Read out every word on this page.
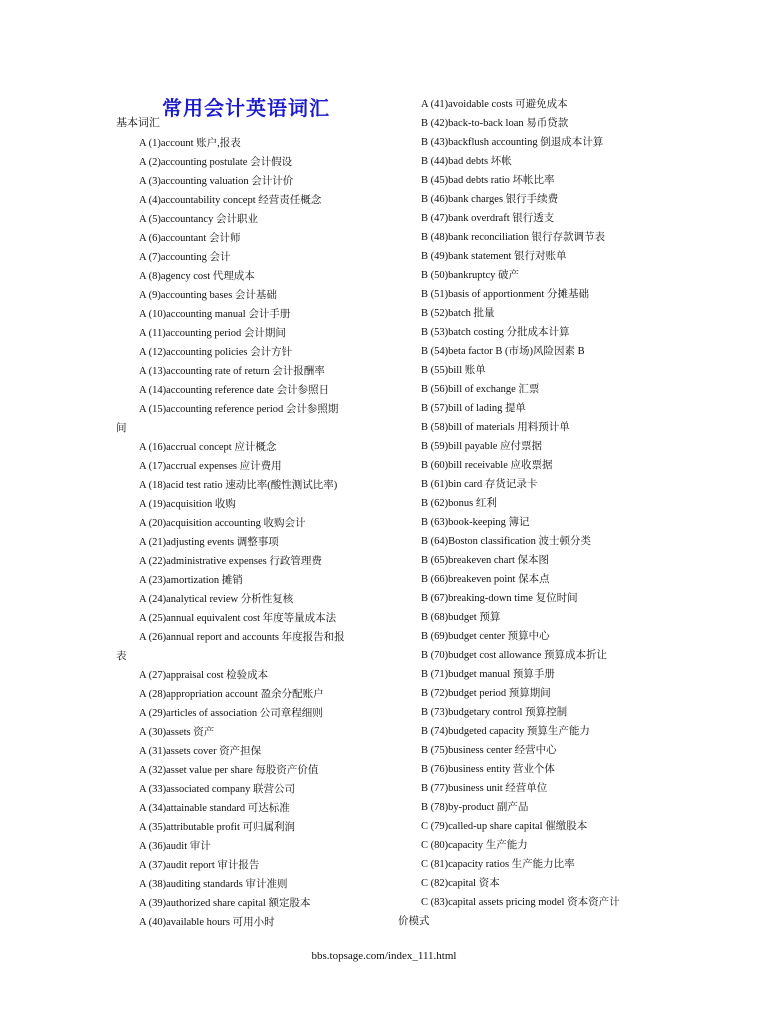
常用会计英语词汇
基本词汇
A (1)account 账户,报表
A (2)accounting postulate 会计假设
A (3)accounting valuation 会计计价
A (4)accountability concept 经营责任概念
A (5)accountancy 会计职业
A (6)accountant 会计师
A (7)accounting 会计
A (8)agency cost 代理成本
A (9)accounting bases 会计基础
A (10)accounting manual 会计手册
A (11)accounting period 会计期间
A (12)accounting policies 会计方针
A (13)accounting rate of return 会计报酬率
A (14)accounting reference date 会计参照日
A (15)accounting reference period 会计参照期
间
A (16)accrual concept 应计概念
A (17)accrual expenses 应计费用
A (18)acid test ratio 速动比率(酸性测试比率)
A (19)acquisition 收购
A (20)acquisition accounting 收购会计
A (21)adjusting events 调整事项
A (22)administrative expenses 行政管理费
A (23)amortization 摊销
A (24)analytical review 分析性复核
A (25)annual equivalent cost 年度等量成本法
A (26)annual report and accounts 年度报告和报
表
A (27)appraisal cost 检验成本
A (28)appropriation account 盈余分配账户
A (29)articles of association 公司章程细则
A (30)assets 资产
A (31)assets cover 资产担保
A (32)asset value per share 每股资产价值
A (33)associated company 联营公司
A (34)attainable standard 可达标准
A (35)attributable profit 可归属利润
A (36)audit 审计
A (37)audit report 审计报告
A (38)auditing standards 审计准则
A (39)authorized share capital 额定股本
A (40)available hours 可用小时
A (41)avoidable costs 可避免成本
B (42)back-to-back loan 易币贷款
B (43)backflush accounting 倒退成本计算
B (44)bad debts 坏帐
B (45)bad debts ratio 坏帐比率
B (46)bank charges 银行手续费
B (47)bank overdraft 银行透支
B (48)bank reconciliation 银行存款调节表
B (49)bank statement 银行对账单
B (50)bankruptcy 破产
B (51)basis of apportionment 分摊基础
B (52)batch 批量
B (53)batch costing 分批成本计算
B (54)beta factor B (市场)风险因素 B
B (55)bill 账单
B (56)bill of exchange 汇票
B (57)bill of lading 提单
B (58)bill of materials 用料预计单
B (59)bill payable 应付票据
B (60)bill receivable 应收票据
B (61)bin card 存货记录卡
B (62)bonus 红利
B (63)book-keeping 簿记
B (64)Boston classification 波士顿分类
B (65)breakeven chart 保本图
B (66)breakeven point 保本点
B (67)breaking-down time 复位时间
B (68)budget 预算
B (69)budget center 预算中心
B (70)budget cost allowance 预算成本折让
B (71)budget manual 预算手册
B (72)budget period 预算期间
B (73)budgetary control 预算控制
B (74)budgeted capacity 预算生产能力
B (75)business center 经营中心
B (76)business entity 营业个体
B (77)business unit 经营单位
B (78)by-product 副产品
C (79)called-up share capital 催缴股本
C (80)capacity 生产能力
C (81)capacity ratios 生产能力比率
C (82)capital 资本
C (83)capital assets pricing model 资本资产计
价模式
bbs.topsage.com/index_111.html
